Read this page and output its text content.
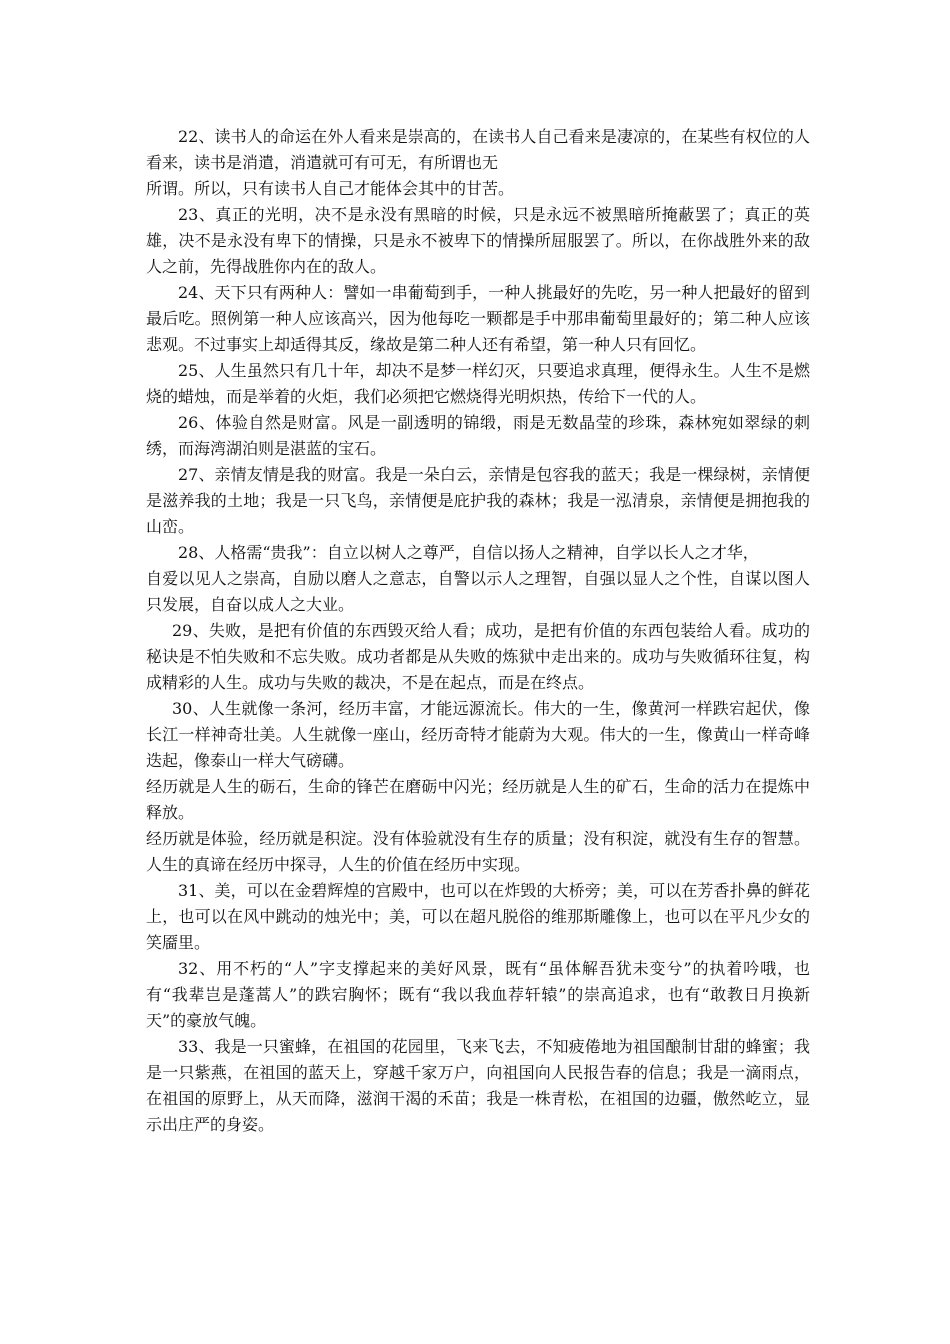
22、读书人的命运在外人看来是崇高的，在读书人自己看来是凄凉的，在某些有权位的人看来，读书是消遣，消遣就可有可无，有所谓也无

所谓。所以，只有读书人自己才能体会其中的甘苦。

23、真正的光明，决不是永没有黑暗的时候，只是永远不被黑暗所掩蔽罢了；真正的英雄，决不是永没有卑下的情操，只是永不被卑下的情操所屈服罢了。所以，在你战胜外来的敌人之前，先得战胜你内在的敌人。

24、天下只有两种人：譬如一串葡萄到手，一种人挑最好的先吃，另一种人把最好的留到最后吃。照例第一种人应该高兴，因为他每吃一颗都是手中那串葡萄里最好的；第二种人应该悲观。不过事实上却适得其反，缘故是第二种人还有希望，第一种人只有回忆。

25、人生虽然只有几十年，却决不是梦一样幻灭，只要追求真理，便得永生。人生不是燃烧的蜡烛，而是举着的火炬，我们必须把它燃烧得光明炽热，传给下一代的人。

26、体验自然是财富。风是一副透明的锦缎，雨是无数晶莹的珍珠，森林宛如翠绿的刺绣，而海湾湖泊则是湛蓝的宝石。

27、亲情友情是我的财富。我是一朵白云，亲情是包容我的蓝天；我是一棵绿树，亲情便是滋养我的土地；我是一只飞鸟，亲情便是庇护我的森林；我是一泓清泉，亲情便是拥抱我的山峦。

28、人格需“贵我”：自立以树人之尊严，自信以扬人之精神，自学以长人之才华，

自爱以见人之崇高，自励以磨人之意志，自警以示人之理智，自强以显人之个性，自谋以图人只发展，自奋以成人之大业。

29、失败，是把有价值的东西毁灭给人看；成功，是把有价值的东西包装给人看。成功的秘诀是不怕失败和不忘失败。成功者都是从失败的炼狱中走出来的。成功与失败循环往复，构成精彩的人生。成功与失败的裁决，不是在起点，而是在终点。

30、人生就像一条河，经历丰富，才能远源流长。伟大的一生，像黄河一样跌宕起伏，像长江一样神奇壮美。人生就像一座山，经历奇特才能蔚为大观。伟大的一生，像黄山一样奇峰迭起，像泰山一样大气磅礴。

经历就是人生的砺石，生命的锋芒在磨砺中闪光；经历就是人生的矿石，生命的活力在提炼中释放。

经历就是体验，经历就是积淀。没有体验就没有生存的质量；没有积淀，就没有生存的智慧。人生的真谛在经历中探寻，人生的价值在经历中实现。

31、美，可以在金碧辉煌的宫殿中，也可以在炸毁的大桥旁；美，可以在芳香扑鼻的鲜花上，也可以在风中跳动的烛光中；美，可以在超凡脱俗的维那斯雕像上，也可以在平凡少女的笑靥里。

32、用不朽的“人”字支撑起来的美好风景，既有“虽体解吾犹未变兮”的执着吟哦，也有“我辈岂是蓬蒿人”的跌宕胸怀；既有“我以我血荐轩辕”的崇高追求，也有“敢教日月换新天”的豪放气魄。

33、我是一只蜜蜂，在祖国的花园里，飞来飞去，不知疲倦地为祖国酿制甘甜的蜂蜜；我是一只紫燕，在祖国的蓝天上，穿越千家万户，向祖国向人民报告春的信息；我是一滴雨点，在祖国的原野上，从天而降，滋润干渴的禾苗；我是一株青松，在祖国的边疆，傲然屹立，显示出庄严的身姿。
